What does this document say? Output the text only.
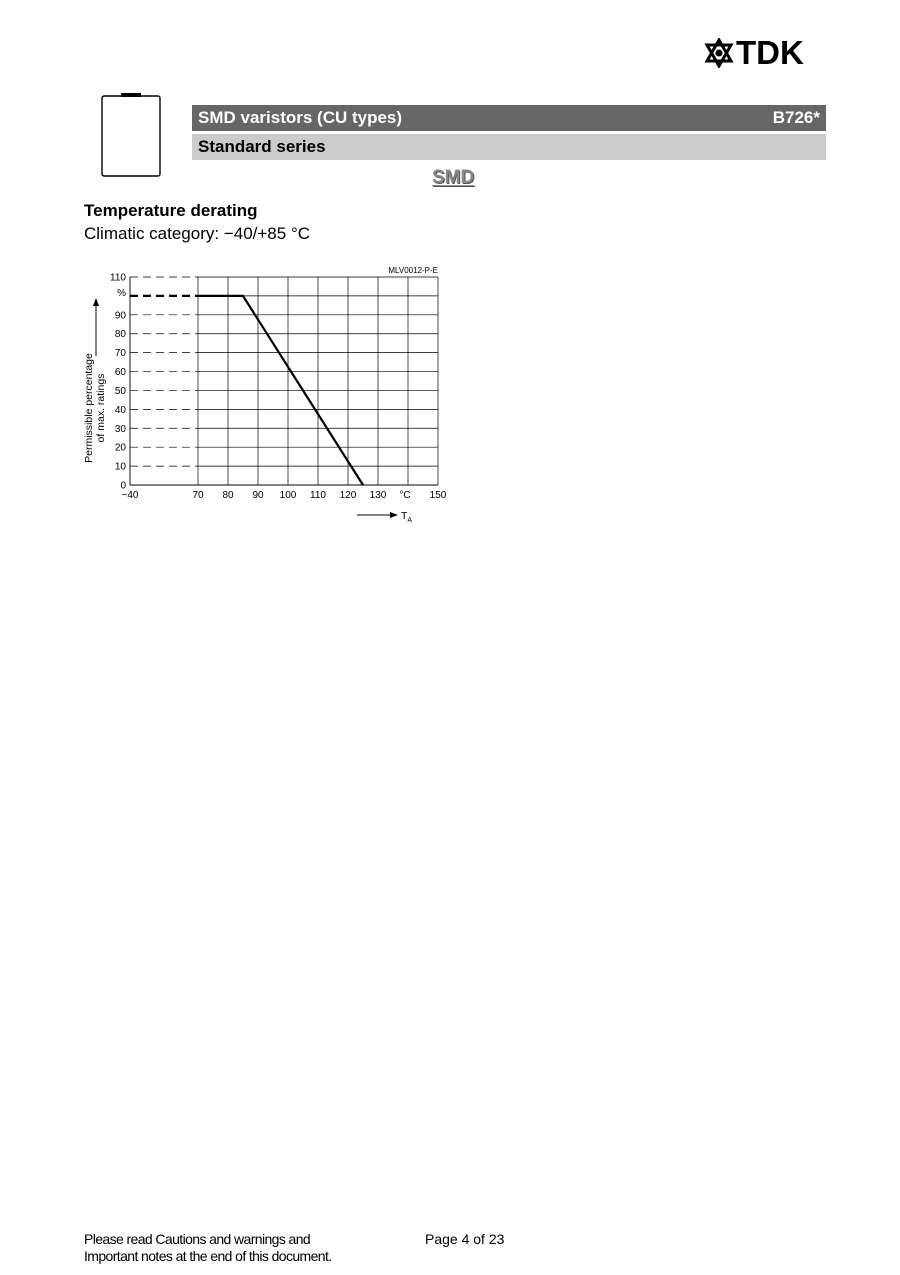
TDK
SMD varistors (CU types)	B726*
Standard series
SMD
Temperature derating
Climatic category: −40/+85 °C
0
10
20
30
40
50
60
70
80
90
110
−40	70 80 90 100 110 120 130	150
°C
MLV0012-P-E
%
Permissible percentage of max. ratings
$T_A$
Please read Cautions and warnings and
Important notes at the end of this document.
Page 4 of 23
